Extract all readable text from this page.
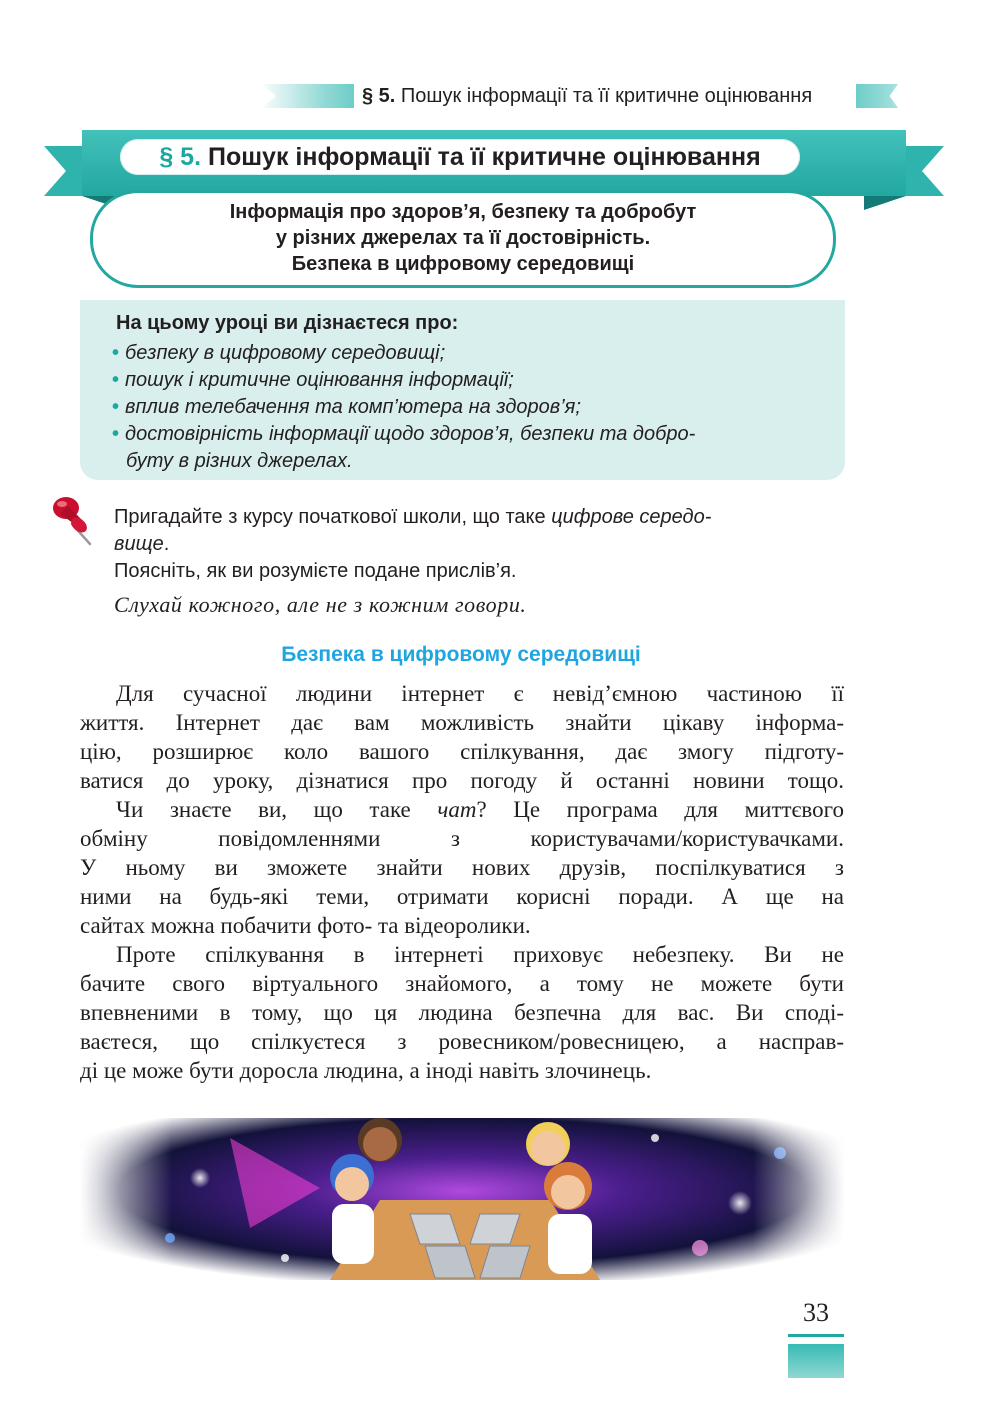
§ 5. Пошук інформації та її критичне оцінювання
§ 5. Пошук інформації та її критичне оцінювання
Інформація про здоров’я, безпеку та добробут
у різних джерелах та її достовірність.
Безпека в цифровому середовищі
На цьому уроці ви дізнаєтеся про:
• безпеку в цифровому середовищі;
• пошук і критичне оцінювання інформації;
• вплив телебачення та комп’ютера на здоров’я;
• достовірність інформації щодо здоров’я, безпеки та добро-
буту в різних джерелах.
Пригадайте з курсу початкової школи, що таке цифрове середо-
вище.
Поясніть, як ви розумієте подане прислів’я.
Слухай кожного, але не з кожним говори.
Безпека в цифровому середовищі
Для сучасної людини інтернет є невід’ємною частиною її
життя. Інтернет дає вам можливість знайти цікаву інформа-
цію, розширює коло вашого спілкування, дає змогу підготу-
ватися до уроку, дізнатися про погоду й останні новини тощо.
Чи знаєте ви, що таке чат? Це програма для миттєвого
обміну повідомленнями з користувачами/користувачками.
У ньому ви зможете знайти нових друзів, поспілкуватися з
ними на будь-які теми, отримати корисні поради. А ще на
сайтах можна побачити фото- та відеоролики.
Проте спілкування в інтернеті приховує небезпеку. Ви не
бачите свого віртуального знайомого, а тому не можете бути
впевненими в тому, що ця людина безпечна для вас. Ви споді-
ваєтеся, що спілкуєтеся з ровесником/ровесницею, а насправ-
ді це може бути доросла людина, а іноді навіть злочинець.
33
